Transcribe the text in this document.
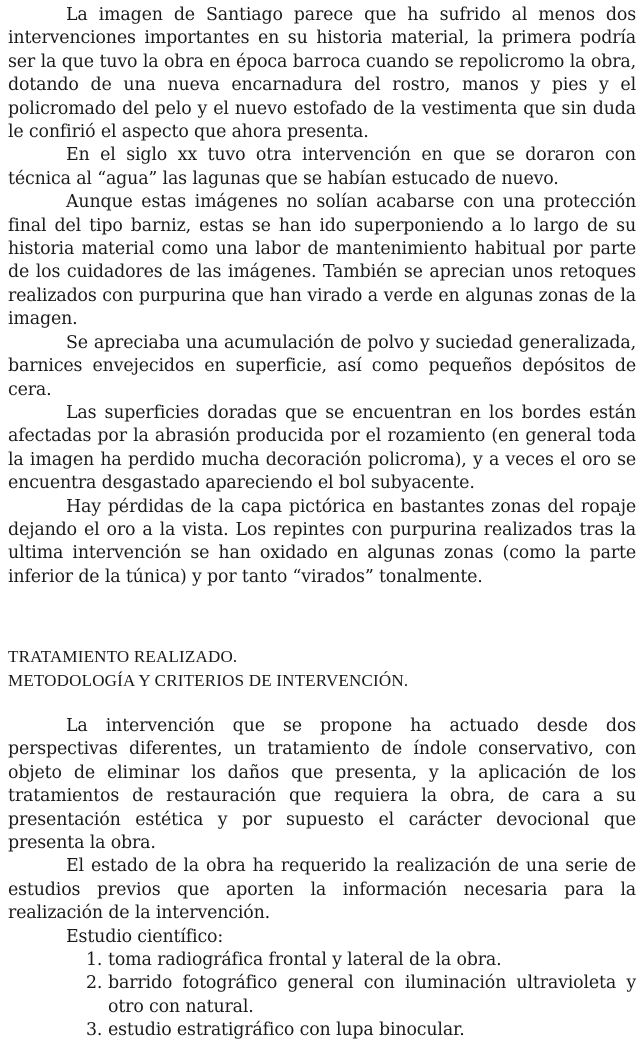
La imagen de Santiago parece que ha sufrido al menos dos intervenciones importantes en su historia material, la primera podría ser la que tuvo la obra en época barroca cuando se repolicromo la obra, dotando de una nueva encarnadura del rostro, manos y pies y el policromado del pelo y el nuevo estofado de la vestimenta que sin duda le confirió el aspecto que ahora presenta.

En el siglo xx tuvo otra intervención en que se doraron con técnica al “agua” las lagunas que se habían estucado de nuevo.

Aunque estas imágenes no solían acabarse con una protección final del tipo barniz, estas se han ido superponiendo a lo largo de su historia material como una labor de mantenimiento habitual por parte de los cuidadores de las imágenes. También se aprecian unos retoques realizados con purpurina que han virado a verde en algunas zonas de la imagen.

Se apreciaba una acumulación de polvo y suciedad generalizada, barnices envejecidos en superficie, así como pequeños depósitos de cera.

Las superficies doradas que se encuentran en los bordes están afectadas por la abrasión producida por el rozamiento (en general toda la imagen ha perdido mucha decoración policroma), y a veces el oro se encuentra desgastado apareciendo el bol subyacente.

Hay pérdidas de la capa pictórica en bastantes zonas del ropaje dejando el oro a la vista. Los repintes con purpurina realizados tras la ultima intervención se han oxidado en algunas zonas (como la parte inferior de la túnica) y por tanto “virados” tonalmente.

TRATAMIENTO REALIZADO.

METODOLOGÍA Y CRITERIOS DE INTERVENCIÓN.

La intervención que se propone ha actuado desde dos perspectivas diferentes, un tratamiento de índole conservativo, con objeto de eliminar los daños que presenta, y la aplicación de los tratamientos de restauración que requiera la obra, de cara a su presentación estética y por supuesto el carácter devocional que presenta la obra.

El estado de la obra ha requerido la realización de una serie de estudios previos que aporten la información necesaria para la realización de la intervención.

Estudio científico:

1. toma radiográfica frontal y lateral de la obra.
2. barrido fotográfico general con iluminación ultravioleta y otro con natural.
3. estudio estratigráfico con lupa binocular.
